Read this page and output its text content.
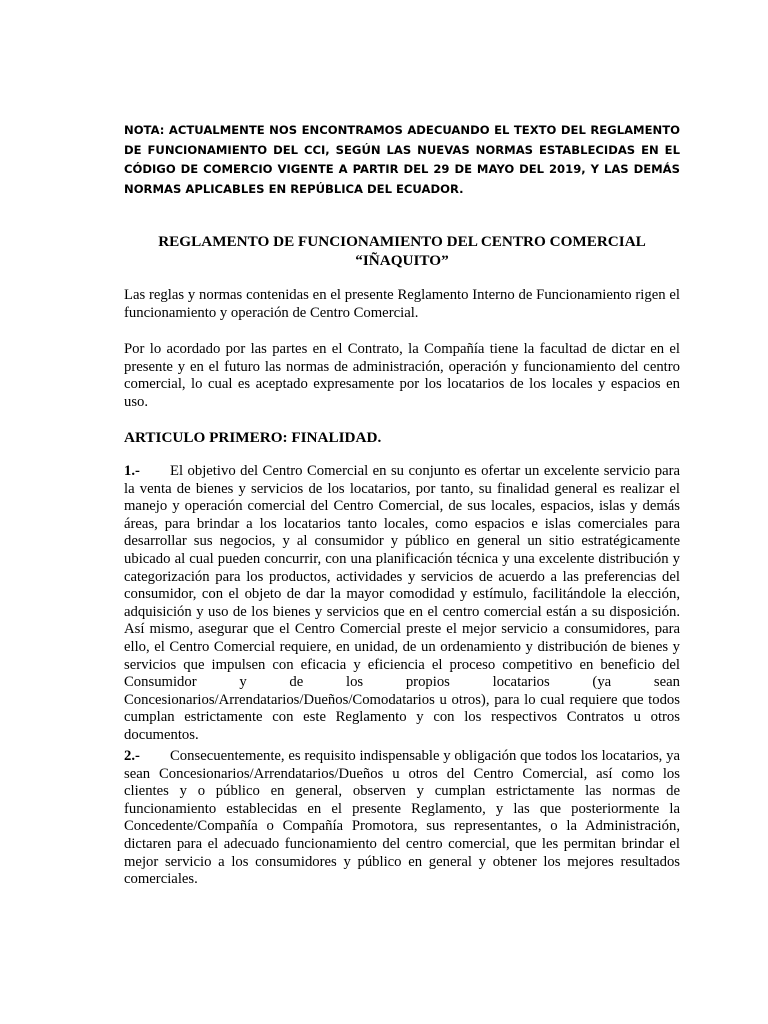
NOTA: ACTUALMENTE NOS ENCONTRAMOS ADECUANDO EL TEXTO DEL REGLAMENTO DE FUNCIONAMIENTO DEL CCI, SEGÚN LAS NUEVAS NORMAS ESTABLECIDAS EN EL CÓDIGO DE COMERCIO VIGENTE A PARTIR DEL 29 DE MAYO DEL 2019, Y LAS DEMÁS NORMAS APLICABLES EN REPÚBLICA DEL ECUADOR.
REGLAMENTO DE FUNCIONAMIENTO DEL CENTRO COMERCIAL
“IÑAQUITO”

Las reglas y normas contenidas en el presente Reglamento Interno de Funcionamiento rigen el funcionamiento y operación de Centro Comercial.

Por lo acordado por las partes en el Contrato, la Compañía tiene la facultad de dictar en el presente y en el futuro las normas de administración, operación y funcionamiento del centro comercial, lo cual es aceptado expresamente por los locatarios de los locales y espacios en uso.

ARTICULO PRIMERO: FINALIDAD.

1.- El objetivo del Centro Comercial en su conjunto es ofertar un excelente servicio para la venta de bienes y servicios de los locatarios, por tanto, su finalidad general es realizar el manejo y operación comercial del Centro Comercial, de sus locales, espacios, islas y demás áreas, para brindar a los locatarios tanto locales, como espacios e islas comerciales para desarrollar sus negocios, y al consumidor y público en general un sitio estratégicamente ubicado al cual pueden concurrir, con una planificación técnica y una excelente distribución y categorización para los productos, actividades y servicios de acuerdo a las preferencias del consumidor, con el objeto de dar la mayor comodidad y estímulo, facilitándole la elección, adquisición y uso de los bienes y servicios que en el centro comercial están a su disposición. Así mismo, asegurar que el Centro Comercial preste el mejor servicio a consumidores, para ello, el Centro Comercial requiere, en unidad, de un ordenamiento y distribución de bienes y servicios que impulsen con eficacia y eficiencia el proceso competitivo en beneficio del Consumidor y de los propios locatarios (ya sean Concesionarios/Arrendatarios/Dueños/Comodatarios u otros), para lo cual requiere que todos cumplan estrictamente con este Reglamento y con los respectivos Contratos u otros documentos.

2.- Consecuentemente, es requisito indispensable y obligación que todos los locatarios, ya sean Concesionarios/Arrendatarios/Dueños u otros del Centro Comercial, así como los clientes y o público en general, observen y cumplan estrictamente las normas de funcionamiento establecidas en el presente Reglamento, y las que posteriormente la Concedente/Compañía o Compañía Promotora, sus representantes, o la Administración, dictaren para el adecuado funcionamiento del centro comercial, que les permitan brindar el mejor servicio a los consumidores y público en general y obtener los mejores resultados comerciales.
